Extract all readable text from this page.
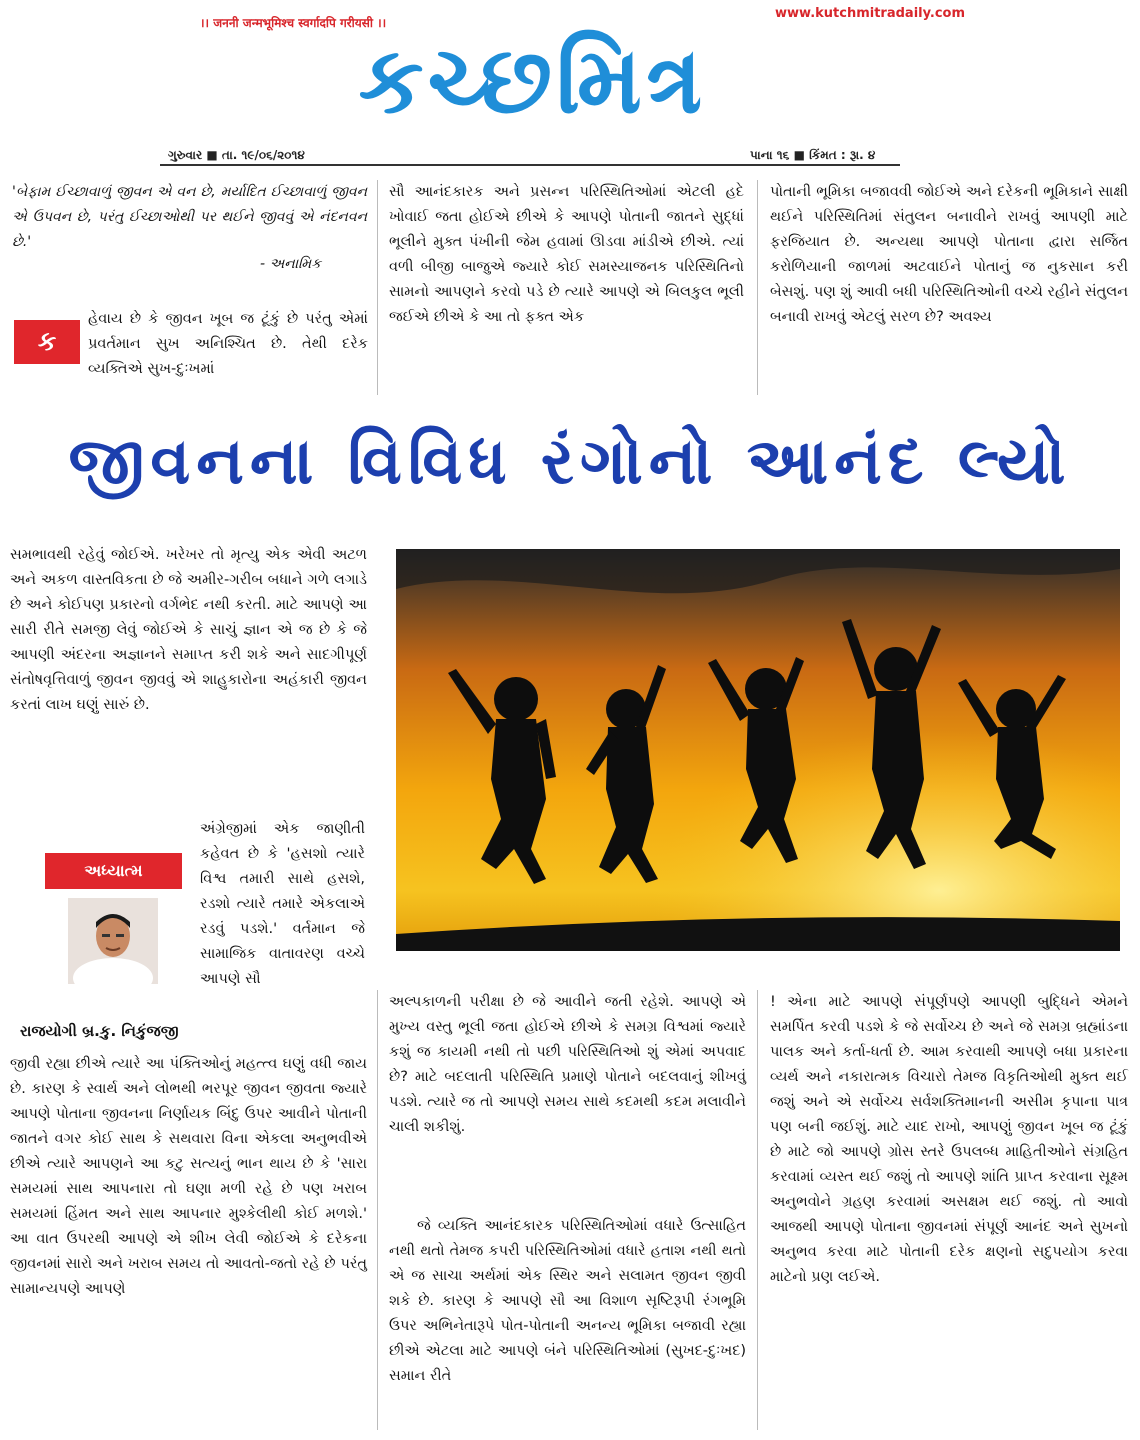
।। जननी जन्मभूमिश्च स्वर्गादपि गरीयसी ।।
www.kutchmitradaily.com
કચ્છમિત્ર
ગુરુવાર ■ તા. ૧૯/૦૬/૨૦૧૪	પાના ૧૬ ■ કિંમત : રૂા. ૪
'બેફામ ઈચ્છાવાળું જીવન એ વન છે, મર્યાદિત ઈચ્છાવાળું જીવન એ ઉપવન છે, પરંતુ ઈચ્છાઓથી પર થઈને જીવવું એ નંદનવન છે.'
- અનામિક
ક
હેવાય છે કે જીવન ખૂબ જ ટૂંકું છે પરંતુ એમાં પ્રવર્તમાન સુખ અનિશ્ચિત છે. તેથી દરેક વ્યક્તિએ સુખ-દુઃખમાં
સૌ આનંદકારક અને પ્રસન્ન પરિસ્થિતિઓમાં એટલી હદે ખોવાઈ જતા હોઈએ છીએ કે આપણે પોતાની જાતને સુદ્ધાં ભૂલીને મુક્ત પંખીની જેમ હવામાં ઊડવા માંડીએ છીએ. ત્યાં વળી બીજી બાજુએ જ્યારે કોઈ સમસ્યાજનક પરિસ્થિતિનો સામનો આપણને કરવો પડે છે ત્યારે આપણે એ બિલકુલ ભૂલી જઈએ છીએ કે આ તો ફક્ત એક
પોતાની ભૂમિકા બજાવવી જોઈએ અને દરેકની ભૂમિકાને સાક્ષી થઈને પરિસ્થિતિમાં સંતુલન બનાવીને રાખવું આપણી માટે ફરજિયાત છે. અન્યથા આપણે પોતાના દ્વારા સર્જિત કરોળિયાની જાળમાં અટવાઈને પોતાનું જ નુકસાન કરી બેસશું. પણ શું આવી બધી પરિસ્થિતિઓની વચ્ચે રહીને સંતુલન બનાવી રાખવું એટલું સરળ છે? અવશ્ય
જીવનના વિવિધ રંગોનો આનંદ લ્યો
સમભાવથી રહેવું જોઈએ. ખરેખર તો મૃત્યુ એક એવી અટળ અને અકળ વાસ્તવિકતા છે જે અમીર-ગરીબ બધાને ગળે લગાડે છે અને કોઈપણ પ્રકારનો વર્ગભેદ નથી કરતી. માટે આપણે આ સારી રીતે સમજી લેવું જોઈએ કે સાચું જ્ઞાન એ જ છે કે જે આપણી અંદરના અજ્ઞાનને સમાપ્ત કરી શકે અને સાદગીપૂર્ણ સંતોષવૃત્તિવાળું જીવન જીવવું એ શાહુકારોના અહંકારી જીવન કરતાં લાખ ઘણું સારું છે.
અંગ્રેજીમાં એક જાણીતી કહેવત છે કે 'હસશો ત્યારે વિશ્વ તમારી સાથે હસશે, રડશો ત્યારે તમારે એકલાએ રડવું પડશે.' વર્તમાન જે સામાજિક વાતાવરણ વચ્ચે આપણે સૌ
અધ્યાત્મ
રાજયોગી બ્ર.કુ. નિકુંજજી
જીવી રહ્યા છીએ ત્યારે આ પંક્તિઓનું મહત્ત્વ ઘણું વધી જાય છે. કારણ કે સ્વાર્થ અને લોભથી ભરપૂર જીવન જીવતા જ્યારે આપણે પોતાના જીવનના નિર્ણાયક બિંદુ ઉપર આવીને પોતાની જાતને વગર કોઈ સાથ કે સથવારા વિના એકલા અનુભવીએ છીએ ત્યારે આપણને આ કટુ સત્યનું ભાન થાય છે કે 'સારા સમયમાં સાથ આપનારા તો ઘણા મળી રહે છે પણ ખરાબ સમયમાં હિંમત અને સાથ આપનાર મુશ્કેલીથી કોઈ મળશે.' આ વાત ઉપરથી આપણે એ શીખ લેવી જોઈએ કે દરેકના જીવનમાં સારો અને ખરાબ સમય તો આવતો-જતો રહે છે પરંતુ સામાન્યપણે આપણે
અલ્પકાળની પરીક્ષા છે જે આવીને જતી રહેશે. આપણે એ મુખ્ય વસ્તુ ભૂલી જતા હોઈએ છીએ કે સમગ્ર વિશ્વમાં જ્યારે કશું જ કાયમી નથી તો પછી પરિસ્થિતિઓ શું એમાં અપવાદ છે? માટે બદલાતી પરિસ્થિતિ પ્રમાણે પોતાને બદલવાનું શીખવું પડશે. ત્યારે જ તો આપણે સમય સાથે કદમથી કદમ મલાવીને ચાલી શકીશું.
જે વ્યક્તિ આનંદકારક પરિસ્થિતિઓમાં વધારે ઉત્સાહિત નથી થતો તેમજ કપરી પરિસ્થિતિઓમાં વધારે હતાશ નથી થતો એ જ સાચા અર્થમાં એક સ્થિર અને સલામત જીવન જીવી શકે છે. કારણ કે આપણે સૌ આ વિશાળ સૃષ્ટિરૂપી રંગભૂમિ ઉપર અભિનેતારૂપે પોત-પોતાની અનન્ય ભૂમિકા બજાવી રહ્યા છીએ એટલા માટે આપણે બંને પરિસ્થિતિઓમાં (સુખદ-દુઃખદ) સમાન રીતે
! એના માટે આપણે સંપૂર્ણપણે આપણી બુદ્ધિને એમને સમર્પિત કરવી પડશે કે જે સર્વોચ્ચ છે અને જે સમગ્ર બ્રહ્માંડના પાલક અને કર્તા-ધર્તા છે. આમ કરવાથી આપણે બધા પ્રકારના વ્યર્થ અને નકારાત્મક વિચારો તેમજ વિકૃતિઓથી મુક્ત થઈ જશું અને એ સર્વોચ્ચ સર્વશક્તિમાનની અસીમ કૃપાના પાત્ર પણ બની જઈશું. માટે યાદ રાખો, આપણું જીવન ખૂબ જ ટૂંકું છે માટે જો આપણે ગ્રોસ સ્તરે ઉપલબ્ધ માહિતીઓને સંગ્રહિત કરવામાં વ્યસ્ત થઈ જશું તો આપણે શાંતિ પ્રાપ્ત કરવાના સૂક્ષ્મ અનુભવોને ગ્રહણ કરવામાં અસક્ષમ થઈ જશું. તો આવો આજથી આપણે પોતાના જીવનમાં સંપૂર્ણ આનંદ અને સુખનો અનુભવ કરવા માટે પોતાની દરેક ક્ષણનો સદુપયોગ કરવા માટેનો પ્રણ લઈએ.
